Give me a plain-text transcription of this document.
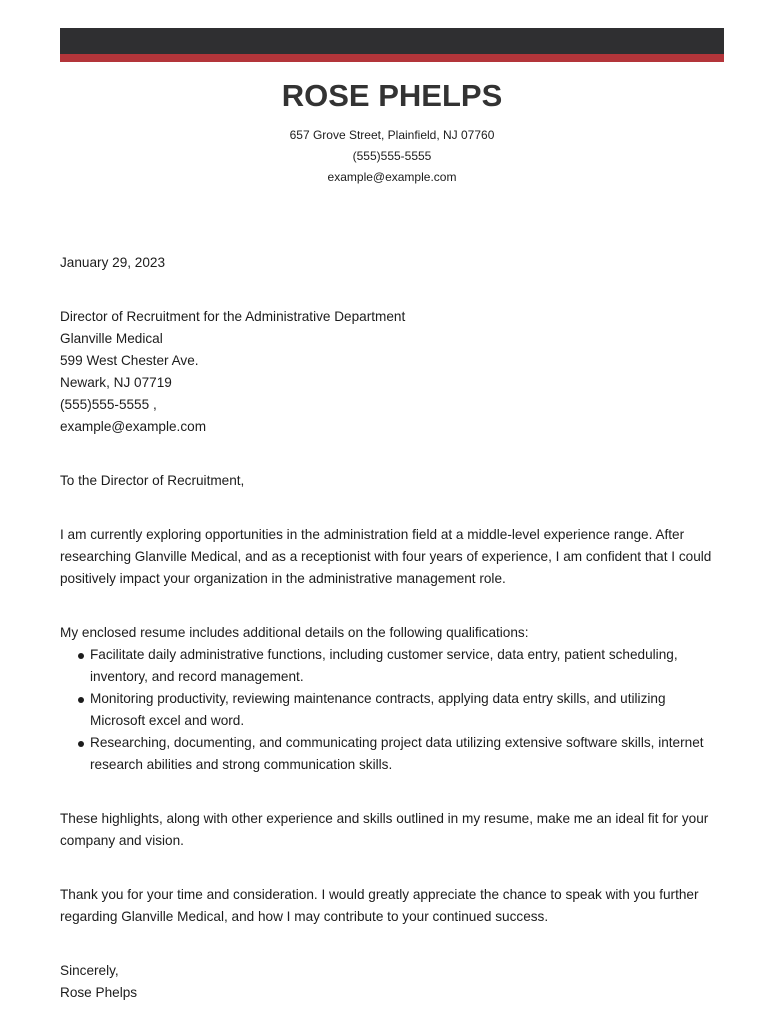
ROSE PHELPS
657 Grove Street, Plainfield, NJ 07760
(555)555-5555
example@example.com

January 29, 2023

Director of Recruitment for the Administrative Department
Glanville Medical
599 West Chester Ave.
Newark, NJ 07719
(555)555-5555 ,
example@example.com

To the Director of Recruitment,

I am currently exploring opportunities in the administration field at a middle-level experience range. After researching Glanville Medical, and as a receptionist with four years of experience, I am confident that I could positively impact your organization in the administrative management role.

My enclosed resume includes additional details on the following qualifications:

Facilitate daily administrative functions, including customer service, data entry, patient scheduling, inventory, and record management.
Monitoring productivity, reviewing maintenance contracts, applying data entry skills, and utilizing Microsoft excel and word.
Researching, documenting, and communicating project data utilizing extensive software skills, internet research abilities and strong communication skills.

These highlights, along with other experience and skills outlined in my resume, make me an ideal fit for your company and vision.

Thank you for your time and consideration. I would greatly appreciate the chance to speak with you further regarding Glanville Medical, and how I may contribute to your continued success.

Sincerely,
Rose Phelps
